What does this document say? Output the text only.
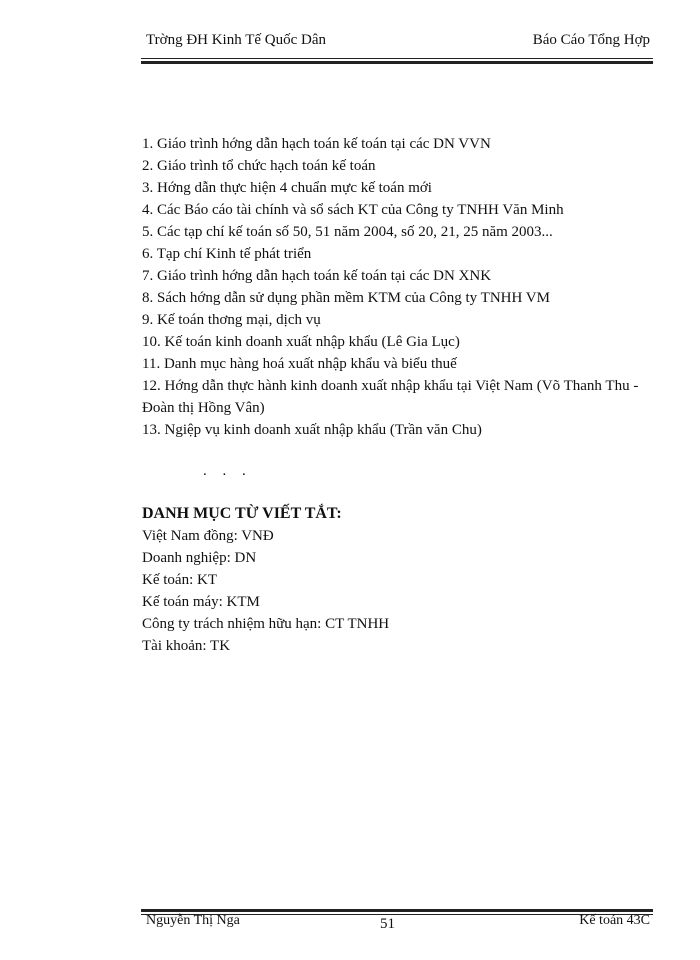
Trờng ĐH Kinh Tế Quốc Dân	Báo Cáo Tổng Hợp
1. Giáo trình hớng dẫn hạch toán kế toán tại các DN VVN
2. Giáo trình tổ chức hạch toán kế toán
3. Hớng dẫn thực hiện 4 chuẩn mực kế toán mới
4. Các Báo cáo tài chính và sổ sách KT của Công ty TNHH Văn Minh
5. Các tạp chí kế toán số 50, 51 năm 2004, số 20, 21, 25 năm 2003...
6. Tạp chí Kinh tế phát triển
7. Giáo trình hớng dẫn hạch toán kế toán tại các DN XNK
8. Sách hớng dẫn sử dụng phần mềm KTM của Công ty TNHH VM
9. Kế toán thơng mại, dịch vụ
10. Kế toán kinh doanh xuất nhập khẩu (Lê Gia Lục)
11. Danh mục hàng hoá xuất nhập khẩu và biểu thuế
12. Hớng dẫn thực hành kinh doanh xuất nhập khẩu tại Việt Nam (Võ Thanh Thu - Đoàn thị Hồng Vân)
13. Ngiệp vụ kinh doanh xuất nhập khẩu (Trần văn Chu)
. . .
DANH MỤC TỪ VIẾT TẮT:
Việt Nam đồng: VNĐ
Doanh nghiệp: DN
Kế toán: KT
Kế toán máy: KTM
Công ty trách nhiệm hữu hạn: CT TNHH
Tài khoản: TK
Nguyễn Thị Nga	51	Kế toán 43C
